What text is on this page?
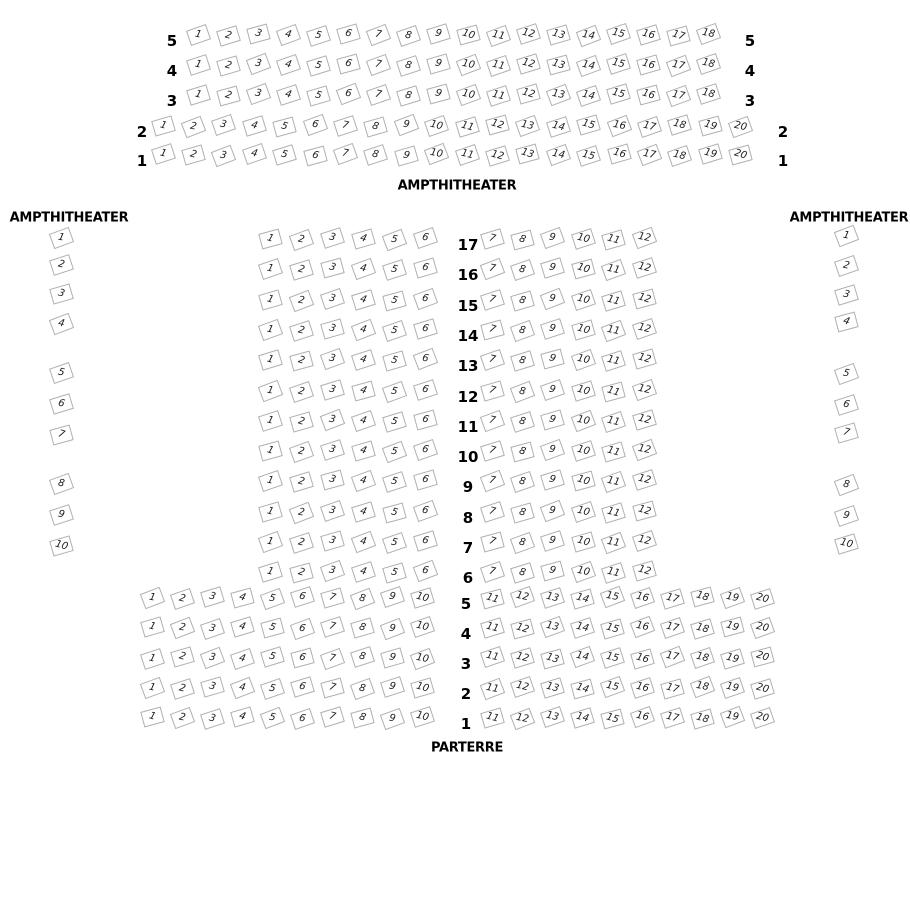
AMPTHITHEATER
AMPTHITHEATER	AMPTHITHEATER
PARTERRE
5	5
1 2 3 4 5 6 7 8 9 10 11 12 13 14 15 16 17 18
4	4
1 2 3 4 5 6 7 8 9 10 11 12 13 14 15 16 17 18
3	3
1 2 3 4 5 6 7 8 9 10 11 12 13 14 15 16 17 18
2	2
1 2 3 4 5 6 7 8 9 10 11 12 13 14 15 16 17 18 19 20
1	1
1 2 3 4 5 6 7 8 9 10 11 12 13 14 15 16 17 18 19 20
1
2
3
4
5
6
7
8
9
10
1
2
3
4
5
6
7
8
9
10
1 2 3 4 5 6 17 7 8 9 10 11 12
1 2 3 4 5 6 16 7 8 9 10 11 12
1 2 3 4 5 6 15 7 8 9 10 11 12
1 2 3 4 5 6 14 7 8 9 10 11 12
1 2 3 4 5 6 13 7 8 9 10 11 12
1 2 3 4 5 6 12 7 8 9 10 11 12
1 2 3 4 5 6 11 7 8 9 10 11 12
1 2 3 4 5 6 10 7 8 9 10 11 12
1 2 3 4 5 6 9 7 8 9 10 11 12
1 2 3 4 5 6 8 7 8 9 10 11 12
1 2 3 4 5 6 7 7 8 9 10 11 12
1 2 3 4 5 6 6 7 8 9 10 11 12
1 2 3 4 5 6 7 8 9 10 5 11 12 13 14 15 16 17 18 19 20
1 2 3 4 5 6 7 8 9 10 4 11 12 13 14 15 16 17 18 19 20
1 2 3 4 5 6 7 8 9 10 3 11 12 13 14 15 16 17 18 19 20
1 2 3 4 5 6 7 8 9 10 2 11 12 13 14 15 16 17 18 19 20
1 2 3 4 5 6 7 8 9 10 1 11 12 13 14 15 16 17 18 19 20
